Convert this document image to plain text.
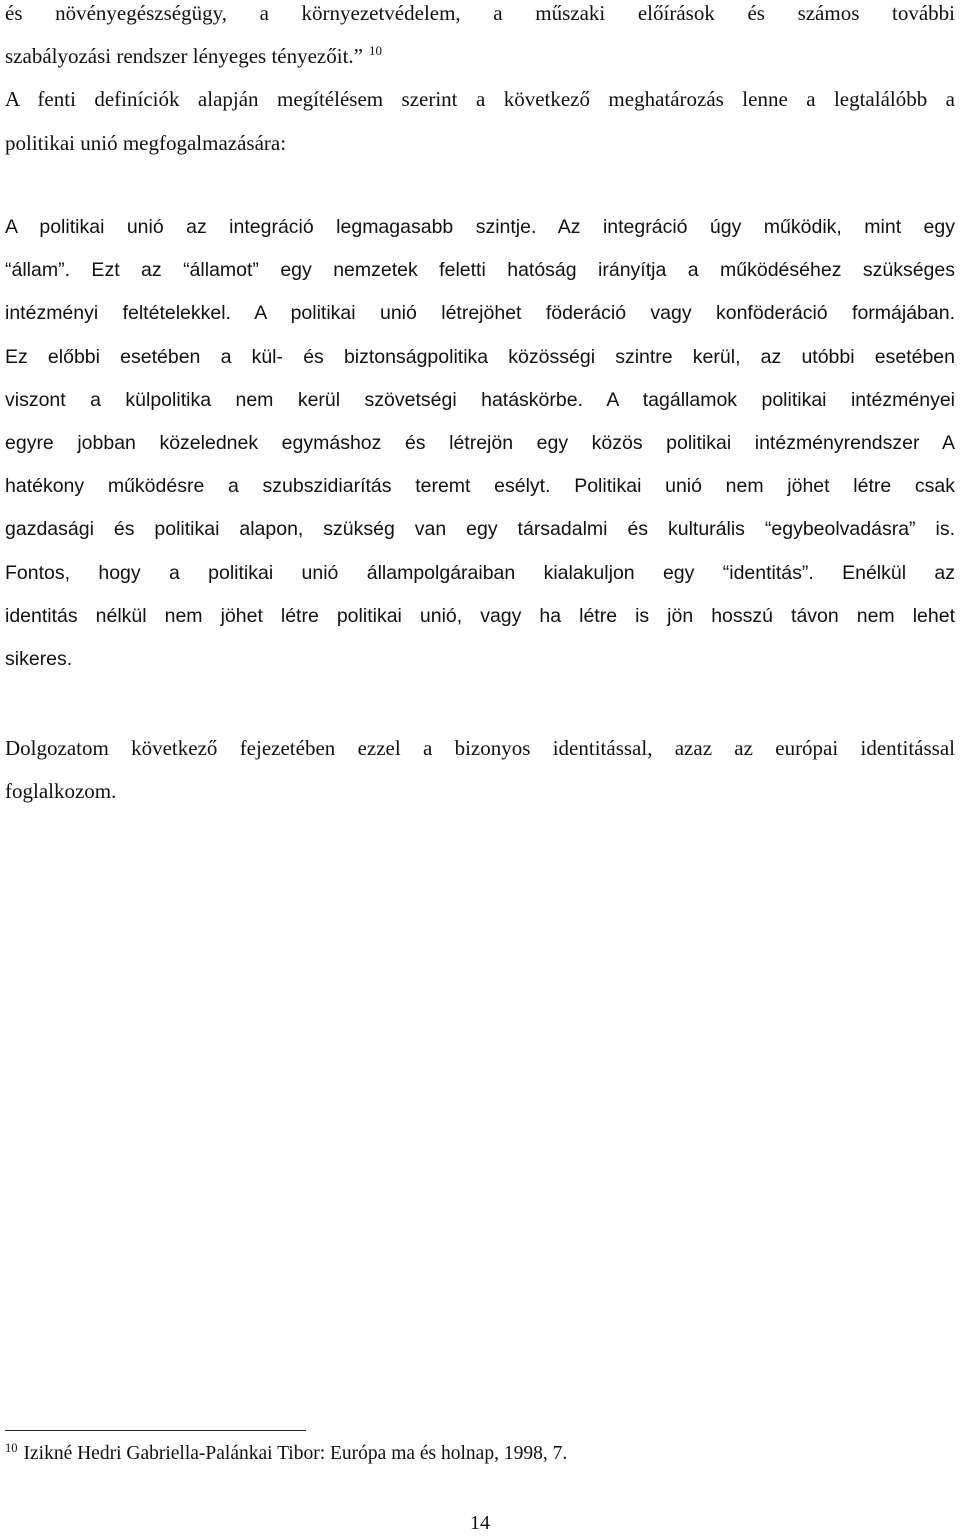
és növényegészségügy, a környezetvédelem, a műszaki előírások és számos további
szabályozási rendszer lényeges tényezőit.” $^{10}$
A fenti definíciók alapján megítélésem szerint a következő meghatározás lenne a legtalálóbb a
politikai unió megfogalmazására:
A politikai unió az integráció legmagasabb szintje. Az integráció úgy működik, mint egy
“állam”. Ezt az “államot” egy nemzetek feletti hatóság irányítja a működéséhez szükséges
intézményi feltételekkel. A politikai unió létrejöhet föderáció vagy konföderáció formájában.
Ez előbbi esetében a kül- és biztonságpolitika közösségi szintre kerül, az utóbbi esetében
viszont a külpolitika nem kerül szövetségi hatáskörbe. A tagállamok politikai intézményei
egyre jobban közelednek egymáshoz és létrejön egy közös politikai intézményrendszer A
hatékony működésre a szubszidiarítás teremt esélyt. Politikai unió nem jöhet létre csak
gazdasági és politikai alapon, szükség van egy társadalmi és kulturális “egybeolvadásra” is.
Fontos, hogy a politikai unió állampolgáraiban kialakuljon egy “identitás”. Enélkül az
identitás nélkül nem jöhet létre politikai unió, vagy ha létre is jön hosszú távon nem lehet
sikeres.
Dolgozatom következő fejezetében ezzel a bizonyos identitással, azaz az európai identitással
foglalkozom.
$^{10}$ Izikné Hedri Gabriella-Palánkai Tibor: Európa ma és holnap, 1998, 7.
14
